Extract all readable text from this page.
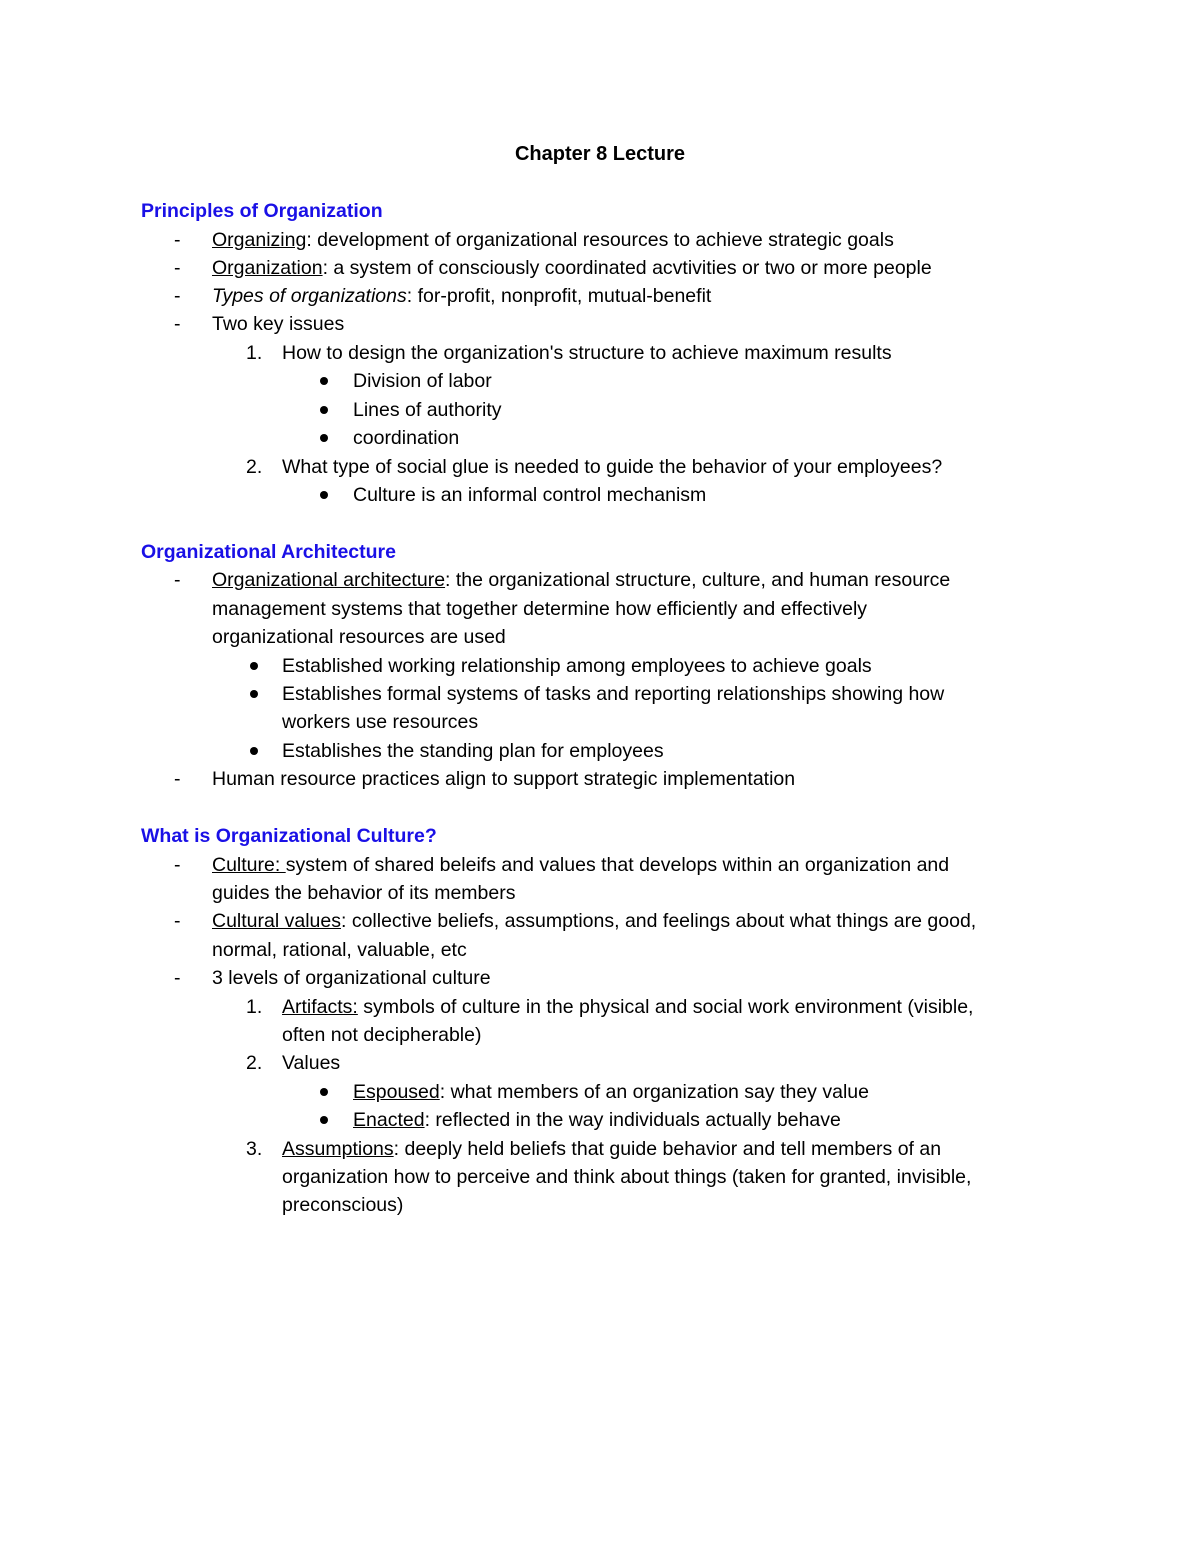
Chapter 8 Lecture
Principles of Organization
- Organizing: development of organizational resources to achieve strategic goals
- Organization: a system of consciously coordinated acvtivities or two or more people
- Types of organizations: for-profit, nonprofit, mutual-benefit
- Two key issues
1. How to design the organization's structure to achieve maximum results
Division of labor
Lines of authority
coordination
2. What type of social glue is needed to guide the behavior of your employees?
Culture is an informal control mechanism
Organizational Architecture
- Organizational architecture: the organizational structure, culture, and human resource
management systems that together determine how efficiently and effectively
organizational resources are used
Established working relationship among employees to achieve goals
Establishes formal systems of tasks and reporting relationships showing how
workers use resources
Establishes the standing plan for employees
- Human resource practices align to support strategic implementation
What is Organizational Culture?
- Culture: system of shared beleifs and values that develops within an organization and
guides the behavior of its members
- Cultural values: collective beliefs, assumptions, and feelings about what things are good,
normal, rational, valuable, etc
- 3 levels of organizational culture
1. Artifacts: symbols of culture in the physical and social work environment (visible,
often not decipherable)
2. Values
Espoused: what members of an organization say they value
Enacted: reflected in the way individuals actually behave
3. Assumptions: deeply held beliefs that guide behavior and tell members of an
organization how to perceive and think about things (taken for granted, invisible,
preconscious)
